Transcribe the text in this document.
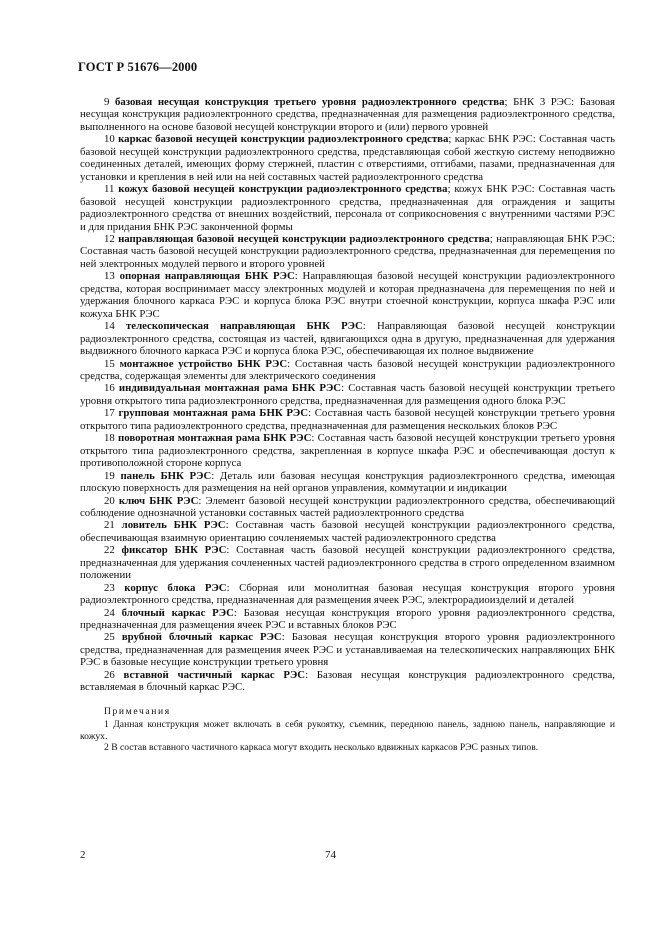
ГОСТ Р 51676—2000

9 базовая несущая конструкция третьего уровня радиоэлектронного средства; БНК 3 РЭС: Базовая несущая конструкция радиоэлектронного средства, предназначенная для размещения радиоэлектронного средства, выполненного на основе базовой несущей конструкции второго и (или) первого уровней

10 каркас базовой несущей конструкции радиоэлектронного средства; каркас БНК РЭС: Составная часть базовой несущей конструкции радиоэлектронного средства, представляющая собой жесткую систему неподвижно соединенных деталей, имеющих форму стержней, пластин с отверстиями, отгибами, пазами, предназначенная для установки и крепления в ней или на ней составных частей радиоэлектронного средства

11 кожух базовой несущей конструкции радиоэлектронного средства; кожух БНК РЭС: Составная часть базовой несущей конструкции радиоэлектронного средства, предназначенная для ограждения и защиты радиоэлектронного средства от внешних воздействий, персонала от соприкосновения с внутренними частями РЭС и для придания БНК РЭС законченной формы

12 направляющая базовой несущей конструкции радиоэлектронного средства; направляющая БНК РЭС: Составная часть базовой несущей конструкции радиоэлектронного средства, предназначенная для перемещения по ней электронных модулей первого и второго уровней

13 опорная направляющая БНК РЭС: Направляющая базовой несущей конструкции радиоэлектронного средства, которая воспринимает массу электронных модулей и которая предназначена для перемещения по ней и удержания блочного каркаса РЭС и корпуса блока РЭС внутри стоечной конструкции, корпуса шкафа РЭС или кожуха БНК РЭС

14 телескопическая направляющая БНК РЭС: Направляющая базовой несущей конструкции радиоэлектронного средства, состоящая из частей, вдвигающихся одна в другую, предназначенная для удержания выдвижного блочного каркаса РЭС и корпуса блока РЭС, обеспечивающая их полное выдвижение

15 монтажное устройство БНК РЭС: Составная часть базовой несущей конструкции радиоэлектронного средства, содержащая элементы для электрического соединения

16 индивидуальная монтажная рама БНК РЭС: Составная часть базовой несущей конструкции третьего уровня открытого типа радиоэлектронного средства, предназначенная для размещения одного блока РЭС

17 групповая монтажная рама БНК РЭС: Составная часть базовой несущей конструкции третьего уровня открытого типа радиоэлектронного средства, предназначенная для размещения нескольких блоков РЭС

18 поворотная монтажная рама БНК РЭС: Составная часть базовой несущей конструкции третьего уровня открытого типа радиоэлектронного средства, закрепленная в корпусе шкафа РЭС и обеспечивающая доступ к противоположной стороне корпуса

19 панель БНК РЭС: Деталь или базовая несущая конструкция радиоэлектронного средства, имеющая плоскую поверхность для размещения на ней органов управления, коммутации и индикации

20 ключ БНК РЭС: Элемент базовой несущей конструкции радиоэлектронного средства, обеспечивающий соблюдение однозначной установки составных частей радиоэлектронного средства

21 ловитель БНК РЭС: Составная часть базовой несущей конструкции радиоэлектронного средства, обеспечивающая взаимную ориентацию сочленяемых частей радиоэлектронного средства

22 фиксатор БНК РЭС: Составная часть базовой несущей конструкции радиоэлектронного средства, предназначенная для удержания сочлененных частей радиоэлектронного средства в строго определенном взаимном положении

23 корпус блока РЭС: Сборная или монолитная базовая несущая конструкция второго уровня радиоэлектронного средства, предназначенная для размещения ячеек РЭС, электрорадиоизделий и деталей

24 блочный каркас РЭС: Базовая несущая конструкция второго уровня радиоэлектронного средства, предназначенная для размещения ячеек РЭС и вставных блоков РЭС

25 врубной блочный каркас РЭС: Базовая несущая конструкция второго уровня радиоэлектронного средства, предназначенная для размещения ячеек РЭС и устанавливаемая на телескопических направляющих БНК РЭС в базовые несущие конструкции третьего уровня

26 вставной частичный каркас РЭС: Базовая несущая конструкция радиоэлектронного средства, вставляемая в блочный каркас РЭС.

Примечания

1 Данная конструкция может включать в себя рукоятку, съемник, переднюю панель, заднюю панель, направляющие и кожух.

2 В состав вставного частичного каркаса могут входить несколько вдвижных каркасов РЭС разных типов.

2	74
